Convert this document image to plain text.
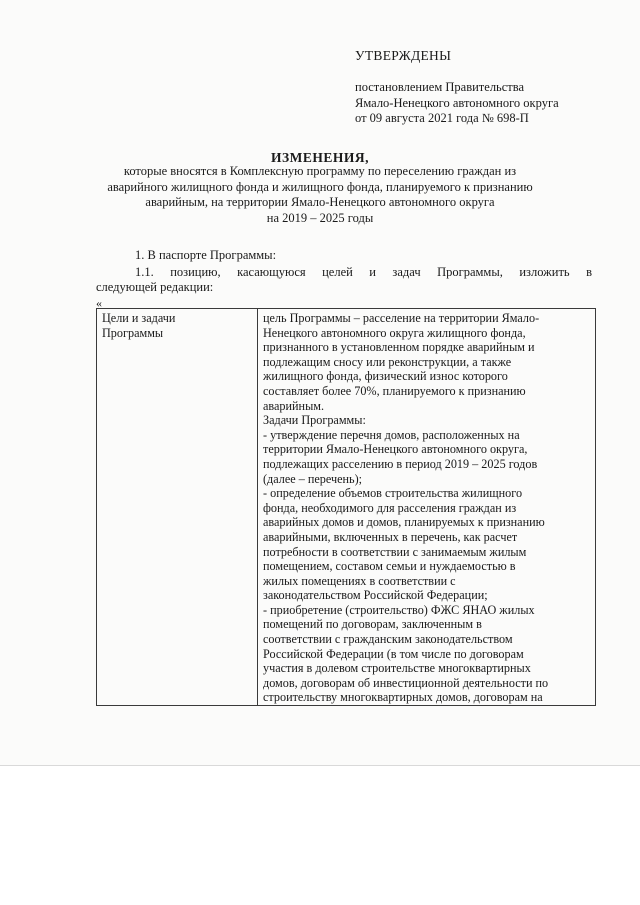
УТВЕРЖДЕНЫ
постановлением Правительства
Ямало-Ненецкого автономного округа
от 09 августа 2021 года № 698-П
ИЗМЕНЕНИЯ,
которые вносятся в Комплексную программу по переселению граждан из
аварийного жилищного фонда и жилищного фонда, планируемого к признанию
аварийным, на территории Ямало-Ненецкого автономного округа
на 2019 – 2025 годы
1. В паспорте Программы:
1.1. позицию, касающуюся целей и задач Программы, изложить в
следующей редакции:
«
Цели и задачи
Программы

цель Программы – расселение на территории Ямало-
Ненецкого автономного округа жилищного фонда,
признанного в установленном порядке аварийным и
подлежащим сносу или реконструкции, а также
жилищного фонда, физический износ которого
составляет более 70%, планируемого к признанию
аварийным.
Задачи Программы:
- утверждение перечня домов, расположенных на
территории Ямало-Ненецкого автономного округа,
подлежащих расселению в период 2019 – 2025 годов
(далее – перечень);
- определение объемов строительства жилищного
фонда, необходимого для расселения граждан из
аварийных домов и домов, планируемых к признанию
аварийными, включенных в перечень, как расчет
потребности в соответствии с занимаемым жилым
помещением, составом семьи и нуждаемостью в
жилых помещениях в соответствии с
законодательством Российской Федерации;
- приобретение (строительство) ФЖС ЯНАО жилых
помещений по договорам, заключенным в
соответствии с гражданским законодательством
Российской Федерации (в том числе по договорам
участия в долевом строительстве многоквартирных
домов, договорам об инвестиционной деятельности по
строительству многоквартирных домов, договорам на
